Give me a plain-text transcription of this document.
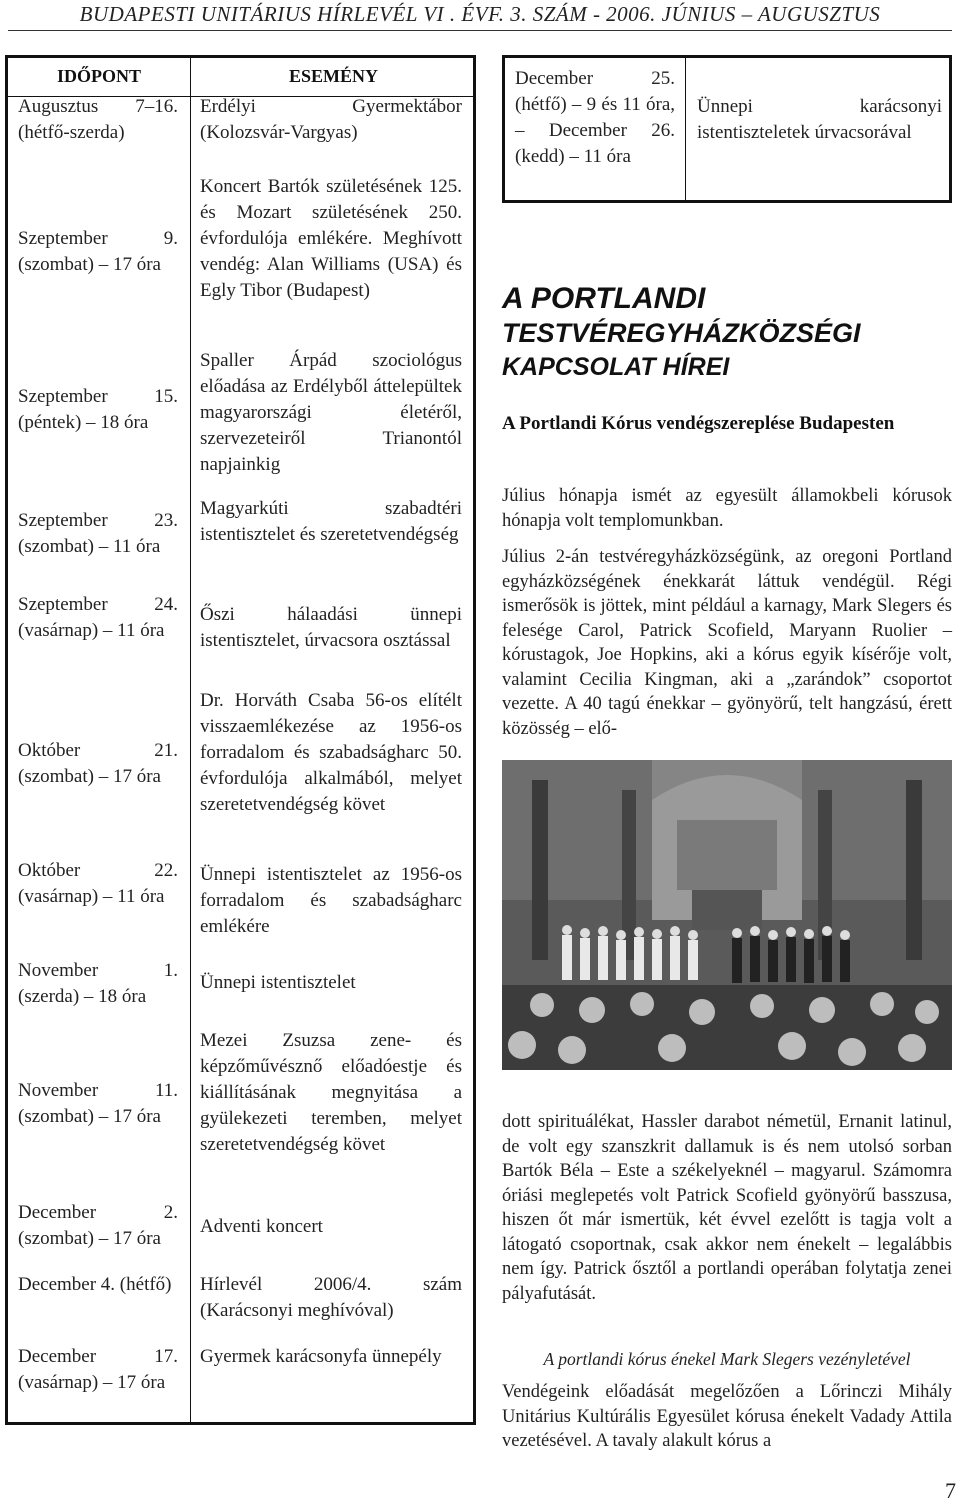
BUDAPESTI UNITÁRIUS HÍRLEVÉL VI . ÉVF. 3. SZÁM - 2006. JÚNIUS – AUGUSZTUS
IDŐPONT	ESEMÉNY
Augusztus 7–16. (hétfő-szerda)
Erdélyi Gyermektábor (Kolozsvár-Vargyas)
Szeptember 9. (szombat) – 17 óra
Koncert Bartók születésének 125. és Mozart születésének 250. évfordulója emlékére. Meghívott vendég: Alan Williams (USA) és Egly Tibor (Budapest)
Szeptember 15. (péntek) – 18 óra
Spaller Árpád szociológus előadása az Erdélyből áttelepültek magyarországi életéről, szervezeteiről Trianontól napjainkig
Szeptember 23. (szombat) – 11 óra
Magyarkúti szabadtéri istentisztelet és szeretetvendégség
Szeptember 24. (vasárnap) – 11 óra
Őszi hálaadási ünnepi istentisztelet, úrvacsora osztással
Október 21. (szombat) – 17 óra
Dr. Horváth Csaba 56-os elítélt visszaemlékezése az 1956-os forradalom és szabadságharc 50. évfordulója alkalmából, melyet szeretetvendégség követ
Október 22. (vasárnap) – 11 óra
Ünnepi istentisztelet az 1956-os forradalom és szabadságharc emlékére
November 1. (szerda) – 18 óra
Ünnepi istentisztelet
November 11. (szombat) – 17 óra
Mezei Zsuzsa zene- és képzőművésznő előadóestje és kiállításának megnyitása a gyülekezeti teremben, melyet szeretetvendégség követ
December 2. (szombat) – 17 óra
Adventi koncert
December 4. (hétfő)	Hírlevél 2006/4. szám (Karácsonyi meghívóval)
December 17. (vasárnap) – 17 óra
Gyermek karácsonyfa ünnepély
December 25. (hétfő) – 9 és 11 óra, – December 26. (kedd) – 11 óra
Ünnepi karácsonyi istentiszteletek úrvacsorával
A PORTLANDI
TESTVÉREGYHÁZKÖZSÉGI
KAPCSOLAT HÍREI
A Portlandi Kórus vendégszereplése Budapesten
Július hónapja ismét az egyesült államokbeli kórusok hónapja volt templomunkban.
Július 2-án testvéregyházközségünk, az oregoni Portland egyházközségének énekkarát láttuk vendégül. Régi ismerősök is jöttek, mint például a karnagy, Mark Slegers és felesége Carol, Patrick Scofield, Maryann Ruolier – kórustagok, Joe Hopkins, aki a kórus egyik kísérője volt, valamint Cecilia Kingman, aki a „zarándok” csoportot vezette. A 40 tagú énekkar – gyönyörű, telt hangzású, érett közösség – elő-
dott spirituálékat, Hassler darabot németül, Ernanit latinul, de volt egy szanszkrit dallamuk is és nem utolsó sorban Bartók Béla – Este a székelyeknél – magyarul. Számomra óriási meglepetés volt Patrick Scofield gyönyörű basszusa, hiszen őt már ismertük, két évvel ezelőtt is tagja volt a látogató csoportnak, csak akkor nem énekelt – legalábbis nem így. Patrick ősztől a portlandi operában folytatja zenei pályafutását.
A portlandi kórus énekel Mark Slegers vezényletével
Vendégeink előadását megelőzően a Lőrinczi Mihály Unitárius Kultúrális Egyesület kórusa énekelt Vadady Attila vezetésével. A tavaly alakult kórus a
7
